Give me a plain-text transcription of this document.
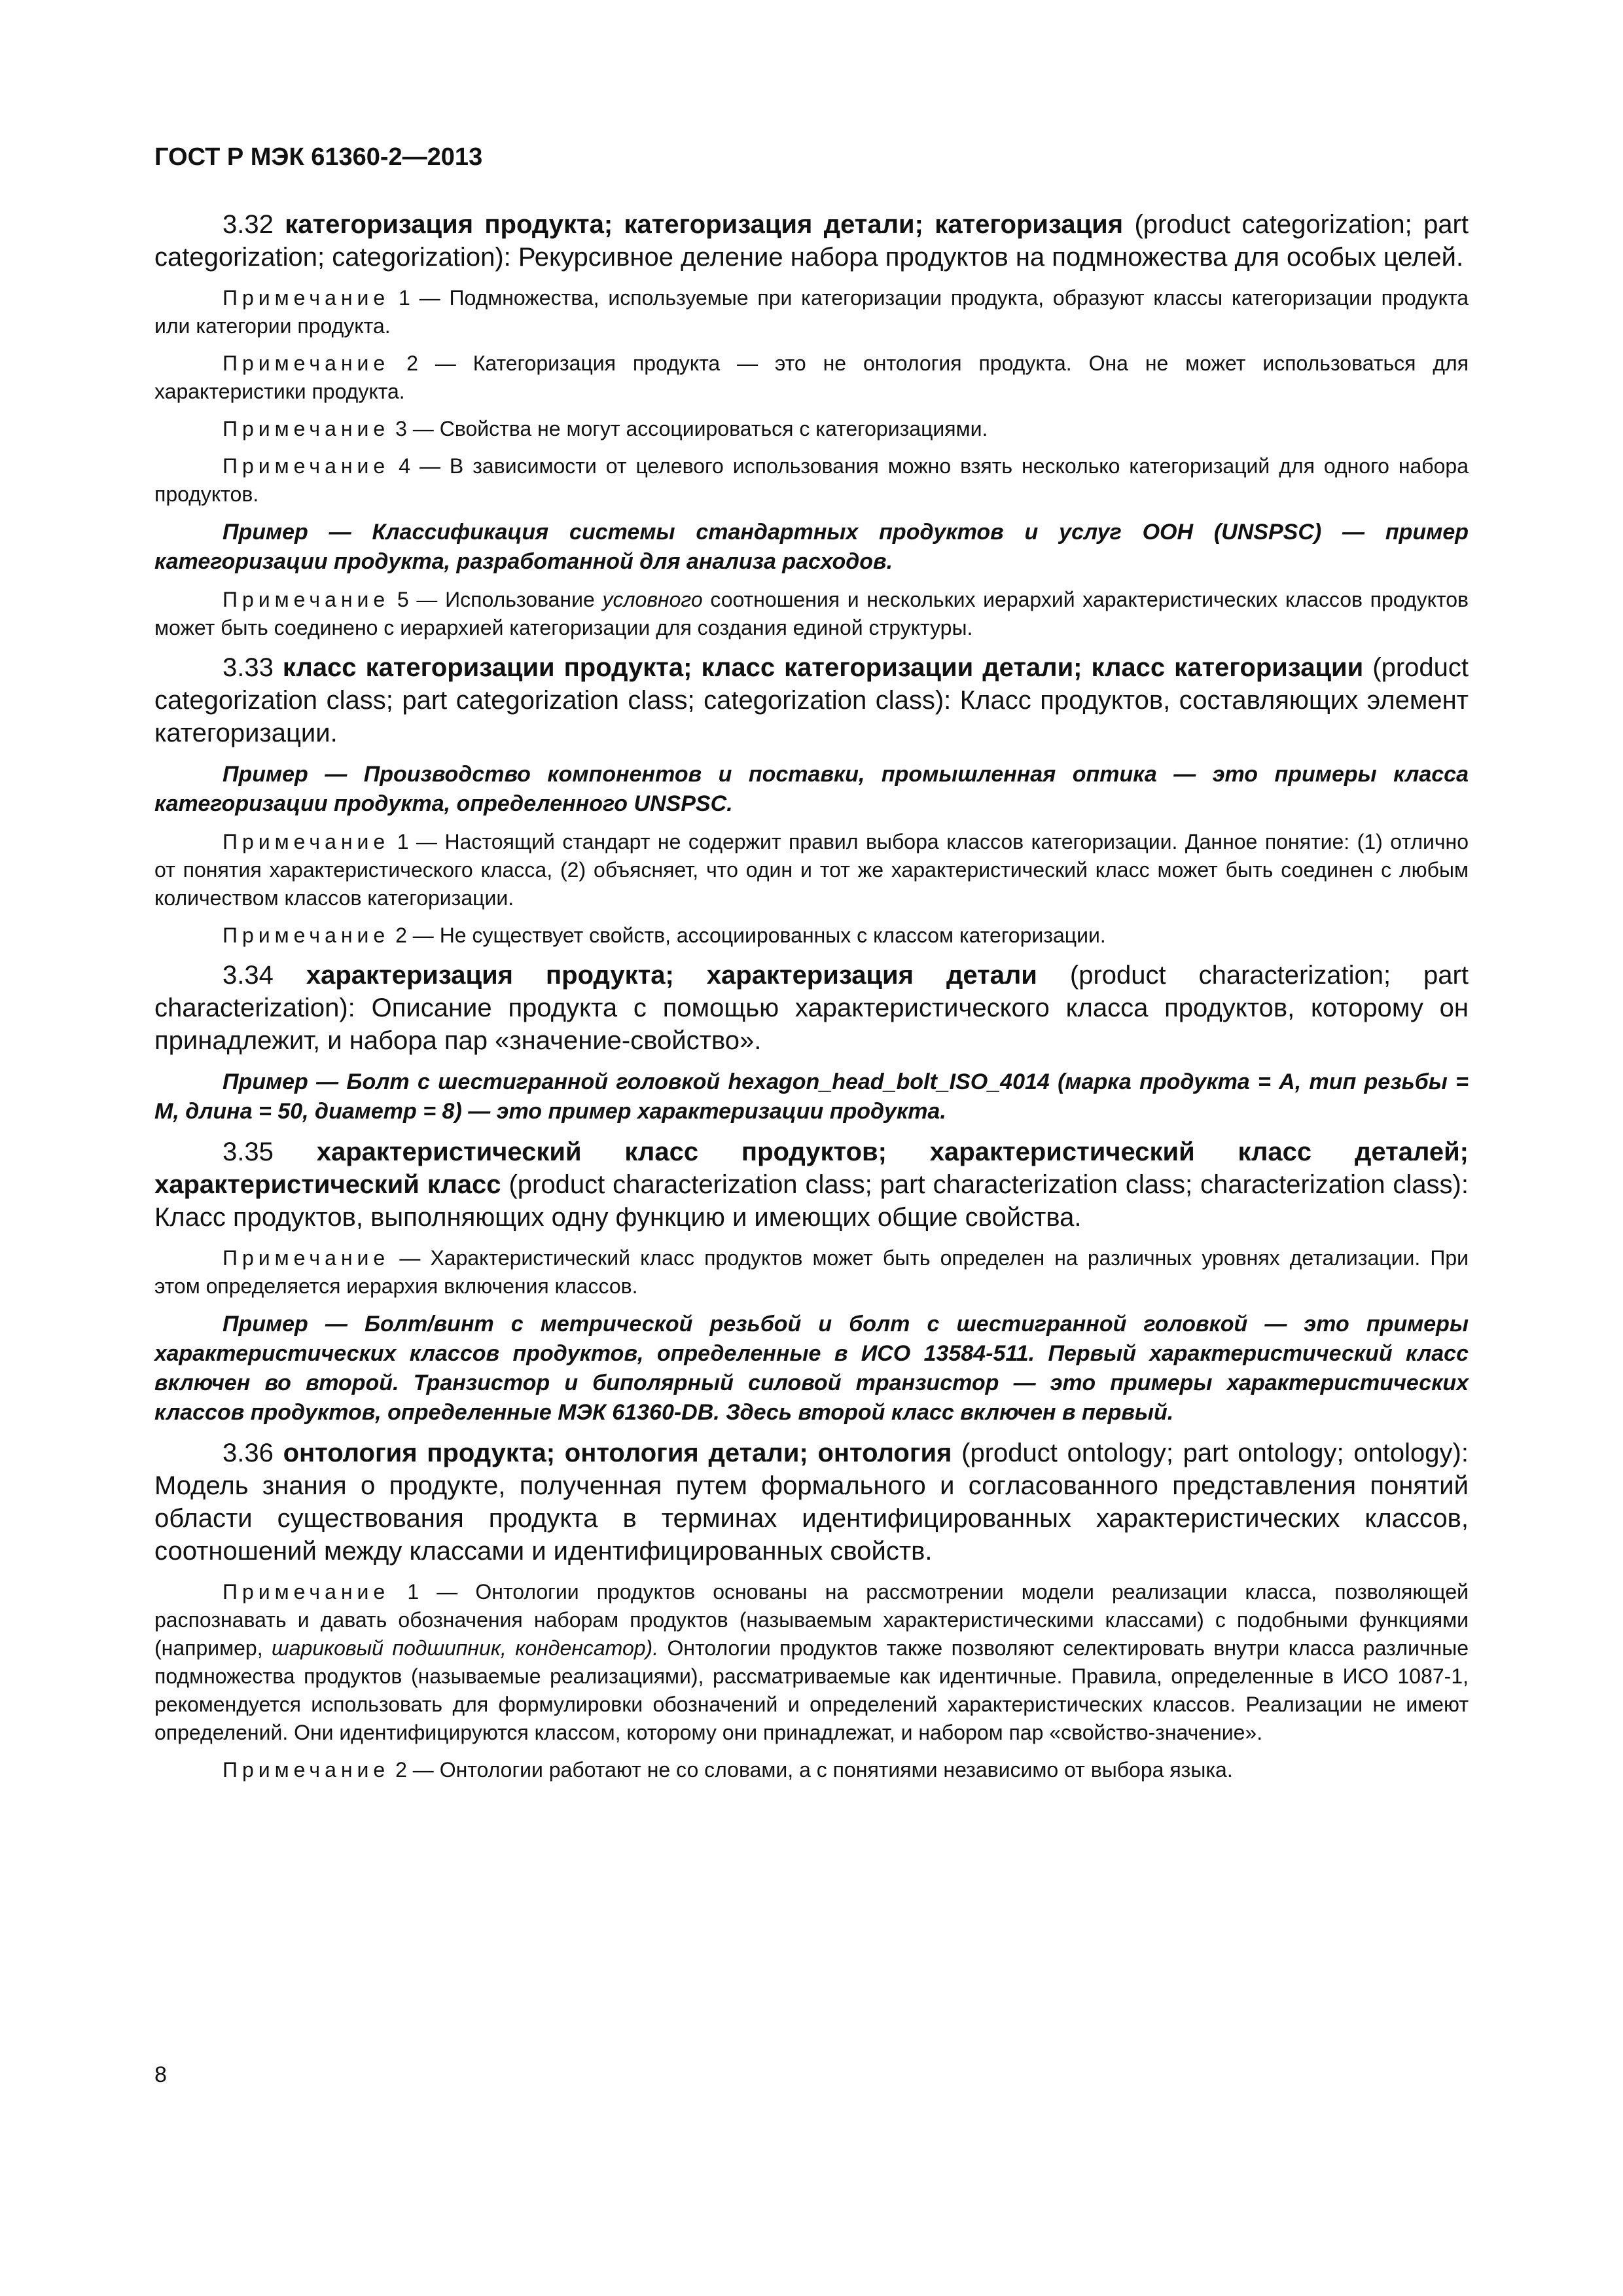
ГОСТ Р МЭК 61360-2—2013

3.32 категоризация продукта; категоризация детали; категоризация (product categorization; part categorization; categorization): Рекурсивное деление набора продуктов на подмножества для особых целей.

Примечание 1 — Подмножества, используемые при категоризации продукта, образуют классы категоризации продукта или категории продукта.

Примечание 2 — Категоризация продукта — это не онтология продукта. Она не может использоваться для характеристики продукта.

Примечание 3 — Свойства не могут ассоциироваться с категоризациями.

Примечание 4 — В зависимости от целевого использования можно взять несколько категоризаций для одного набора продуктов.

Пример — Классификация системы стандартных продуктов и услуг ООН (UNSPSC) — пример категоризации продукта, разработанной для анализа расходов.

Примечание 5 — Использование условного соотношения и нескольких иерархий характеристических классов продуктов может быть соединено с иерархией категоризации для создания единой структуры.

3.33 класс категоризации продукта; класс категоризации детали; класс категоризации (product categorization class; part categorization class; categorization class): Класс продуктов, составляющих элемент категоризации.

Пример — Производство компонентов и поставки, промышленная оптика — это примеры класса категоризации продукта, определенного UNSPSC.

Примечание 1 — Настоящий стандарт не содержит правил выбора классов категоризации. Данное понятие: (1) отлично от понятия характеристического класса, (2) объясняет, что один и тот же характеристический класс может быть соединен с любым количеством классов категоризации.

Примечание 2 — Не существует свойств, ассоциированных с классом категоризации.

3.34 характеризация продукта; характеризация детали (product characterization; part characterization): Описание продукта с помощью характеристического класса продуктов, которому он принадлежит, и набора пар «значение-свойство».

Пример — Болт с шестигранной головкой hexagon_head_bolt_ISO_4014 (марка продукта = A, тип резьбы = M, длина = 50, диаметр = 8) — это пример характеризации продукта.

3.35 характеристический класс продуктов; характеристический класс деталей; характеристический класс (product characterization class; part characterization class; characterization class): Класс продуктов, выполняющих одну функцию и имеющих общие свойства.

Примечание — Характеристический класс продуктов может быть определен на различных уровнях детализации. При этом определяется иерархия включения классов.

Пример — Болт/винт с метрической резьбой и болт с шестигранной головкой — это примеры характеристических классов продуктов, определенные в ИСО 13584-511. Первый характеристический класс включен во второй. Транзистор и биполярный силовой транзистор — это примеры характеристических классов продуктов, определенные МЭК 61360-DB. Здесь второй класс включен в первый.

3.36 онтология продукта; онтология детали; онтология (product ontology; part ontology; ontology): Модель знания о продукте, полученная путем формального и согласованного представления понятий области существования продукта в терминах идентифицированных характеристических классов, соотношений между классами и идентифицированных свойств.

Примечание 1 — Онтологии продуктов основаны на рассмотрении модели реализации класса, позволяющей распознавать и давать обозначения наборам продуктов (называемым характеристическими классами) с подобными функциями (например, шариковый подшипник, конденсатор). Онтологии продуктов также позволяют селектировать внутри класса различные подмножества продуктов (называемые реализациями), рассматриваемые как идентичные. Правила, определенные в ИСО 1087-1, рекомендуется использовать для формулировки обозначений и определений характеристических классов. Реализации не имеют определений. Они идентифицируются классом, которому они принадлежат, и набором пар «свойство-значение».

Примечание 2 — Онтологии работают не со словами, а с понятиями независимо от выбора языка.

8
